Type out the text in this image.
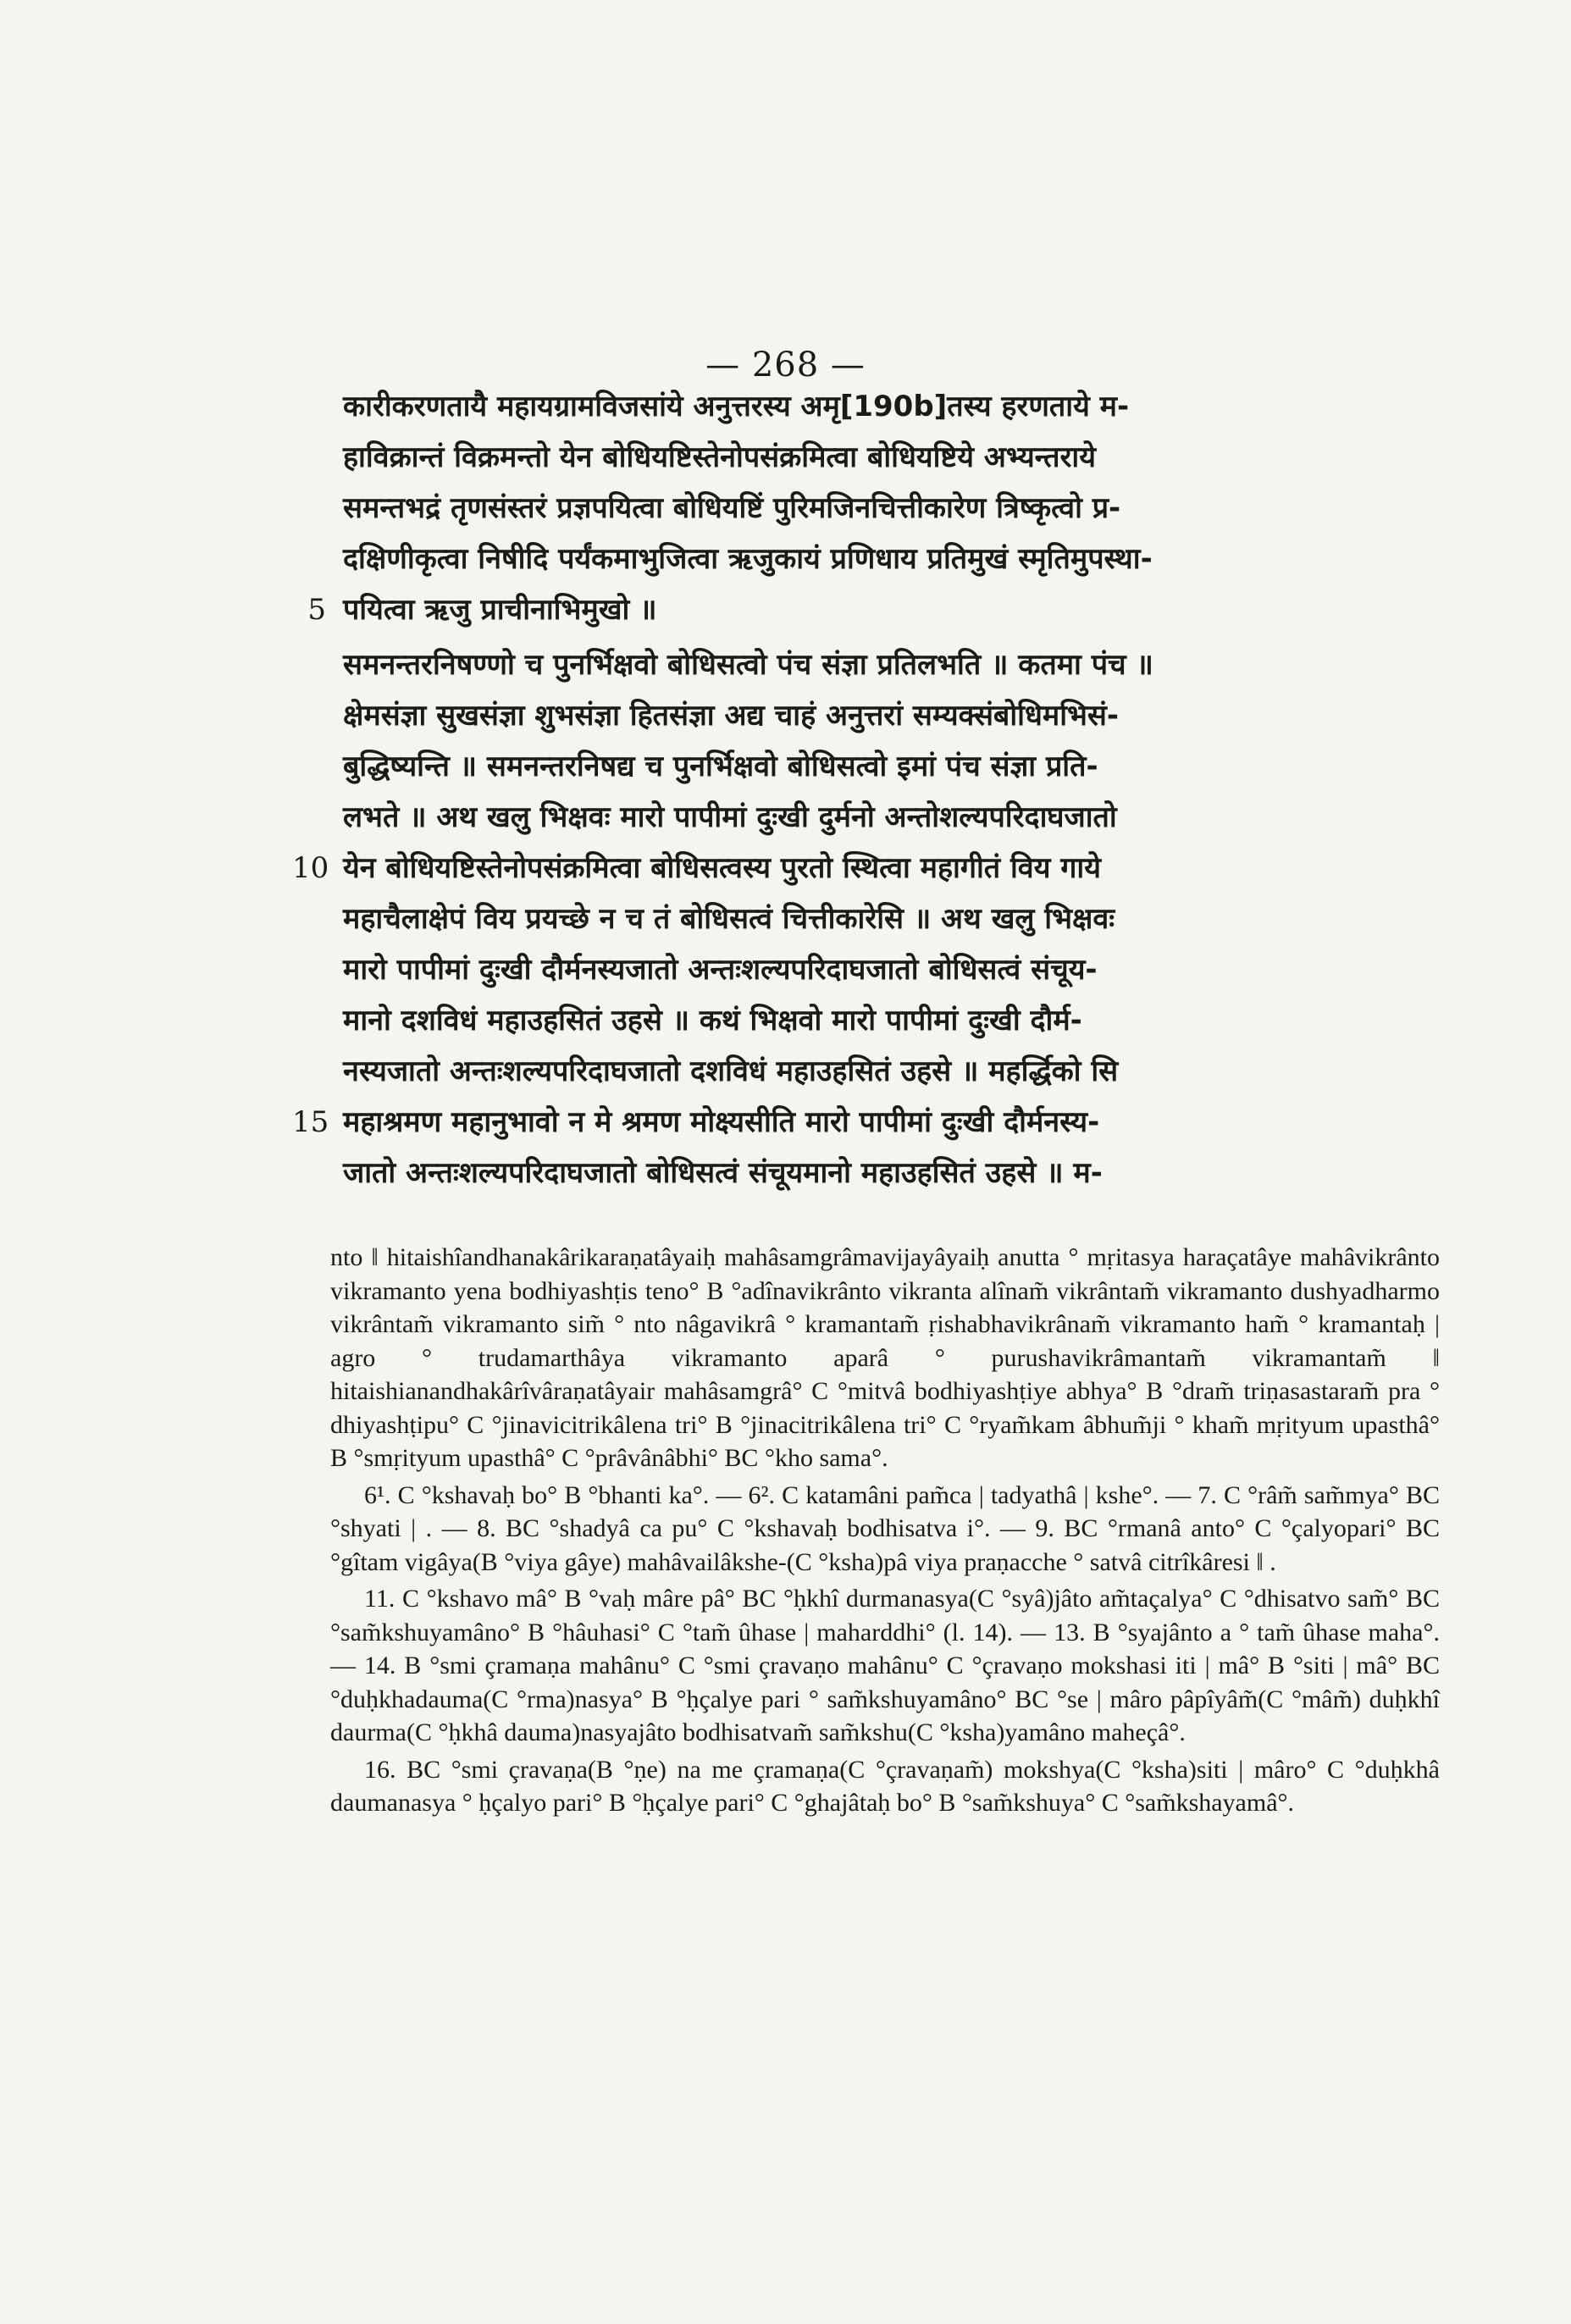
— 268 —
कारीकरणतायै महायग्रामविजसांये अनुत्तरस्य अमृ[190b]तस्य हरणताये म-
हाविक्रान्तं विक्रमन्तो येन बोधियष्टिस्तेनोपसंक्रमित्वा बोधियष्टिये अभ्यन्तराये
समन्तभद्रं तृणसंस्तरं प्रज्ञपयित्वा बोधियष्टिं पुरिमजिनचित्तीकारेण त्रिष्कृत्वो प्र-
दक्षिणीकृत्वा निषीदि पर्यंकमाभुजित्वा ऋजुकायं प्रणिधाय प्रतिमुखं स्मृतिमुपस्था-
5 पयित्वा ऋजु प्राचीनाभिमुखो ॥
समनन्तरनिषण्णो च पुनर्भिक्षवो बोधिसत्वो पंच संज्ञा प्रतिलभति ॥ कतमा पंच ॥
क्षेमसंज्ञा सुखसंज्ञा शुभसंज्ञा हितसंज्ञा अद्य चाहं अनुत्तरां सम्यक्संबोधिमभिसं-
बुद्धिष्यन्ति ॥ समनन्तरनिषद्य च पुनर्भिक्षवो बोधिसत्वो इमां पंच संज्ञा प्रति-
लभते ॥ अथ खलु भिक्षवः मारो पापीमां दुःखी दुर्मनो अन्तोशल्यपरिदाघजातो
10 येन बोधियष्टिस्तेनोपसंक्रमित्वा बोधिसत्वस्य पुरतो स्थित्वा महागीतं विय गाये
महाचैलाक्षेपं विय प्रयच्छे न च तं बोधिसत्वं चित्तीकारेसि ॥ अथ खलु भिक्षवः
मारो पापीमां दुःखी दौर्मनस्यजातो अन्तःशल्यपरिदाघजातो बोधिसत्वं संचूय-
मानो दशविधं महाउहसितं उहसे ॥ कथं भिक्षवो मारो पापीमां दुःखी दौर्म-
नस्यजातो अन्तःशल्यपरिदाघजातो दशविधं महाउहसितं उहसे ॥ महर्द्धिको सि
15 महाश्रमण महानुभावो न मे श्रमण मोक्ष्यसीति मारो पापीमां दुःखी दौर्मनस्य-
जातो अन्तःशल्यपरिदाघजातो बोधिसत्वं संचूयमानो महाउहसितं उहसे ॥ म-

nto ‖ hitaishîandhanakârikaraṇatâyaiḥ mahâsamgrâmavijayâyaiḥ anutta ° mṛitasya haraçatâye mahâvikrânto vikramanto yena bodhiyashṭis teno° B °adînavikrânto vikranta alînam̃ vikrântam̃ vikramanto dushyadharmo vikrântam̃ vikramanto sim̃ ° nto nâgavikrâ ° kramantam̃ ṛishabhavikrânam̃ vikramanto ham̃ ° kramantaḥ | agro ° trudamarthâya vikramanto aparâ ° purushavikrâmantam̃ vikramantam̃ ‖ hitaishianandhakârîvâraṇatâyair mahâsamgrâ° C °mitvâ bodhiyashṭiye abhya° B °dram̃ triṇasastaram̃ pra ° dhiyashṭipu° C °jinavicitrikâlena tri° B °jinacitrikâlena tri° C °ryam̃kam âbhum̃ji ° kham̃ mṛityum upasthâ° B °smṛityum upasthâ° C °prâvânâbhi° BC °kho sama°.

6¹. C °kshavaḥ bo° B °bhanti ka°. — 6². C katamâni pam̃ca | tadyathâ | kshe°. — 7. C °râm̃ sam̃mya° BC °shyati | . — 8. BC °shadyâ ca pu° C °kshavaḥ bodhisatva i°. — 9. BC °rmanâ anto° C °çalyopari° BC °gîtam vigâya(B °viya gâye) mahâvailâkshe-(C °ksha)pâ viya praṇacche ° satvâ citrîkâresi ‖ .

11. C °kshavo mâ° B °vaḥ mâre pâ° BC °ḥkhî durmanasya(C °syâ)jâto am̃taçalya° C °dhisatvo sam̃° BC °sam̃kshuyamâno° B °hâuhasi° C °tam̃ ûhase | maharddhi° (l. 14). — 13. B °syajânto a ° tam̃ ûhase maha°. — 14. B °smi çramaṇa mahânu° C °smi çravaṇo mahânu° C °çravaṇo mokshasi iti | mâ° B °siti | mâ° BC °duḥkhadauma(C °rma)nasya° B °ḥçalye pari ° sam̃kshuyamâno° BC °se | mâro pâpîyâm̃(C °mâm̃) duḥkhî daurma(C °ḥkhâ dauma)nasyajâto bodhisatvam̃ sam̃kshu(C °ksha)yamâno maheçâ°.

16. BC °smi çravaṇa(B °ṇe) na me çramaṇa(C °çravaṇam̃) mokshya(C °ksha)siti | mâro° C °duḥkhâ daumanasya ° ḥçalyo pari° B °ḥçalye pari° C °ghajâtaḥ bo° B °sam̃kshuya° C °sam̃kshayamâ°.
